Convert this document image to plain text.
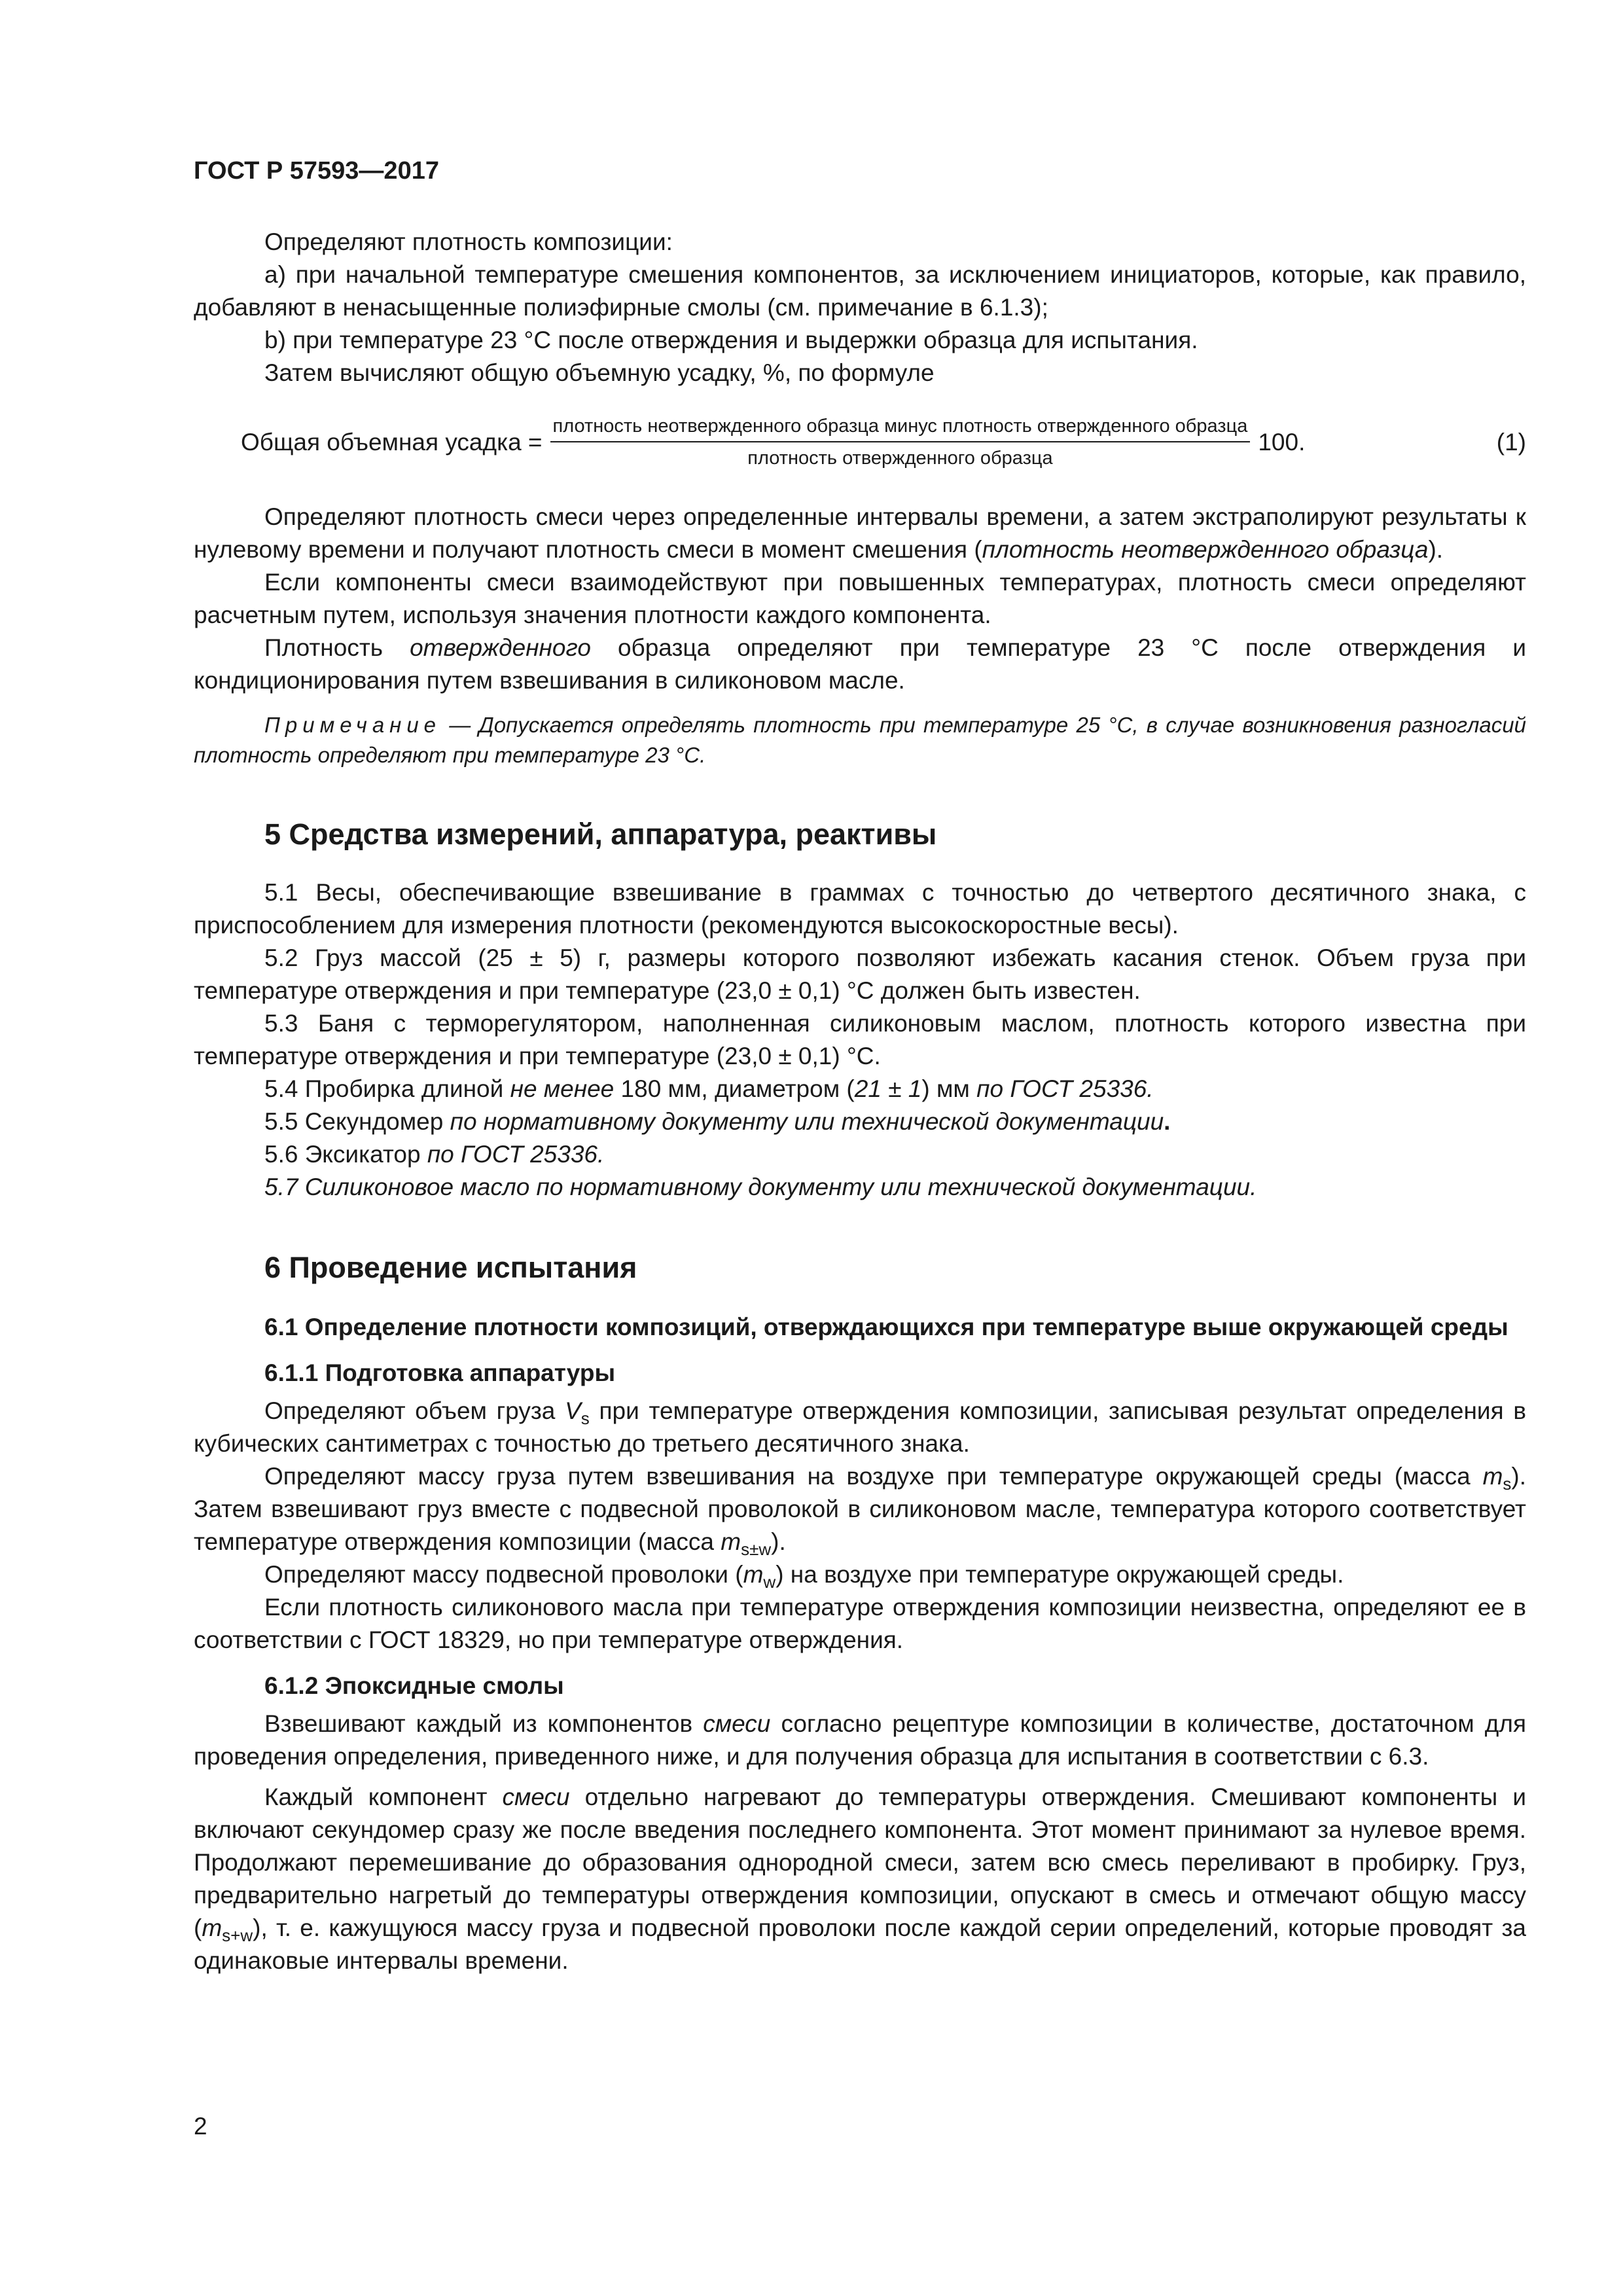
ГОСТ Р 57593—2017

Определяют плотность композиции:

а) при начальной температуре смешения компонентов, за исключением инициаторов, которые, как правило, добавляют в ненасыщенные полиэфирные смолы (см. примечание в 6.1.3);

b) при температуре 23 °С после отверждения и выдержки образца для испытания.

Затем вычисляют общую объемную усадку, %, по формуле

Общая объемная усадка =
плотность неотвержденного образца минус плотность отвержденного образца
плотность отвержденного образца
100.	(1)

Определяют плотность смеси через определенные интервалы времени, а затем экстраполируют результаты к нулевому времени и получают плотность смеси в момент смешения (плотность неотвержденного образца).

Если компоненты смеси взаимодействуют при повышенных температурах, плотность смеси определяют расчетным путем, используя значения плотности каждого компонента.

Плотность отвержденного образца определяют при температуре 23 °С после отверждения и кондиционирования путем взвешивания в силиконовом масле.

Примечание — Допускается определять плотность при температуре 25 °С, в случае возникновения разногласий плотность определяют при температуре 23 °С.
5 Средства измерений, аппаратура, реактивы

5.1 Весы, обеспечивающие взвешивание в граммах с точностью до четвертого десятичного знака, с приспособлением для измерения плотности (рекомендуются высокоскоростные весы).

5.2 Груз массой (25 ± 5) г, размеры которого позволяют избежать касания стенок. Объем груза при температуре отверждения и при температуре (23,0 ± 0,1) °С должен быть известен.

5.3 Баня с терморегулятором, наполненная силиконовым маслом, плотность которого известна при температуре отверждения и при температуре (23,0 ± 0,1) °С.

5.4 Пробирка длиной не менее 180 мм, диаметром (21 ± 1) мм по ГОСТ 25336.

5.5 Секундомер по нормативному документу или технической документации.

5.6 Эксикатор по ГОСТ 25336.

5.7 Силиконовое масло по нормативному документу или технической документации.

6 Проведение испытания
6.1 Определение плотности композиций, отверждающихся при температуре выше окружающей среды
6.1.1 Подготовка аппаратуры

Определяют объем груза $V_s$ при температуре отверждения композиции, записывая результат определения в кубических сантиметрах с точностью до третьего десятичного знака.

Определяют массу груза путем взвешивания на воздухе при температуре окружающей среды (масса $m_s$). Затем взвешивают груз вместе с подвесной проволокой в силиконовом масле, температура которого соответствует температуре отверждения композиции (масса $m_{s\pm w}$).

Определяют массу подвесной проволоки $(m_w)$ на воздухе при температуре окружающей среды.

Если плотность силиконового масла при температуре отверждения композиции неизвестна, определяют ее в соответствии с ГОСТ 18329, но при температуре отверждения.

6.1.2 Эпоксидные смолы

Взвешивают каждый из компонентов смеси согласно рецептуре композиции в количестве, достаточном для проведения определения, приведенного ниже, и для получения образца для испытания в соответствии с 6.3.

Каждый компонент смеси отдельно нагревают до температуры отверждения. Смешивают компоненты и включают секундомер сразу же после введения последнего компонента. Этот момент принимают за нулевое время. Продолжают перемешивание до образования однородной смеси, затем всю смесь переливают в пробирку. Груз, предварительно нагретый до температуры отверждения композиции, опускают в смесь и отмечают общую массу $(m_{s+w})$, т. е. кажущуюся массу груза и подвесной проволоки после каждой серии определений, которые проводят за одинаковые интервалы времени.

2
